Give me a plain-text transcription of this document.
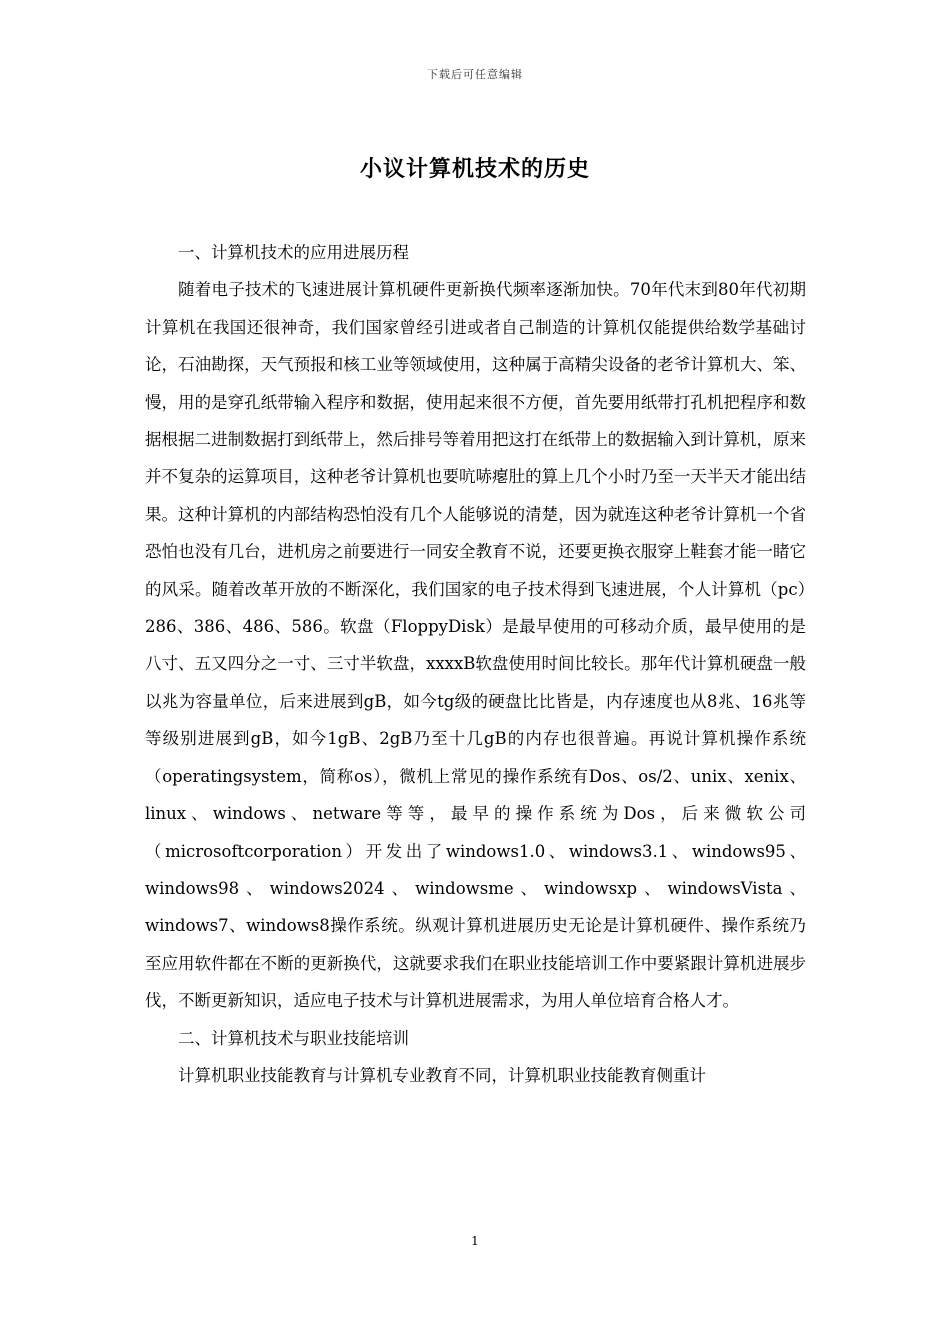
下载后可任意编辑
小议计算机技术的历史

一、计算机技术的应用进展历程

随着电子技术的飞速进展计算机硬件更新换代频率逐渐加快。70年代末到80年代初期计算机在我国还很神奇，我们国家曾经引进或者自己制造的计算机仅能提供给数学基础讨论，石油勘探，天气预报和核工业等领域使用，这种属于高精尖设备的老爷计算机大、笨、慢，用的是穿孔纸带输入程序和数据，使用起来很不方便，首先要用纸带打孔机把程序和数据根据二进制数据打到纸带上，然后排号等着用把这打在纸带上的数据输入到计算机，原来并不复杂的运算项目，这种老爷计算机也要吭哧瘪肚的算上几个小时乃至一天半天才能出结果。这种计算机的内部结构恐怕没有几个人能够说的清楚，因为就连这种老爷计算机一个省恐怕也没有几台，进机房之前要进行一同安全教育不说，还要更换衣服穿上鞋套才能一睹它的风采。随着改革开放的不断深化，我们国家的电子技术得到飞速进展，个人计算机（pc）286、386、486、586。软盘（FloppyDisk）是最早使用的可移动介质，最早使用的是八寸、五又四分之一寸、三寸半软盘，xxxxB软盘使用时间比较长。那年代计算机硬盘一般以兆为容量单位，后来进展到gB，如今tg级的硬盘比比皆是，内存速度也从8兆、16兆等等级别进展到gB，如今1gB、2gB乃至十几gB的内存也很普遍。再说计算机操作系统（operatingsystem，简称os），微机上常见的操作系统有Dos、os/2、unix、xenix、linux、windows、netware等等，最早的操作系统为Dos，后来微软公司（microsoftcorporation）开发出了windows1.0、windows3.1、windows95、windows98、windows2024、windowsme、windowsxp、windowsVista、windows7、windows8操作系统。纵观计算机进展历史无论是计算机硬件、操作系统乃至应用软件都在不断的更新换代，这就要求我们在职业技能培训工作中要紧跟计算机进展步伐，不断更新知识，适应电子技术与计算机进展需求，为用人单位培育合格人才。

二、计算机技术与职业技能培训

计算机职业技能教育与计算机专业教育不同，计算机职业技能教育侧重计

1
